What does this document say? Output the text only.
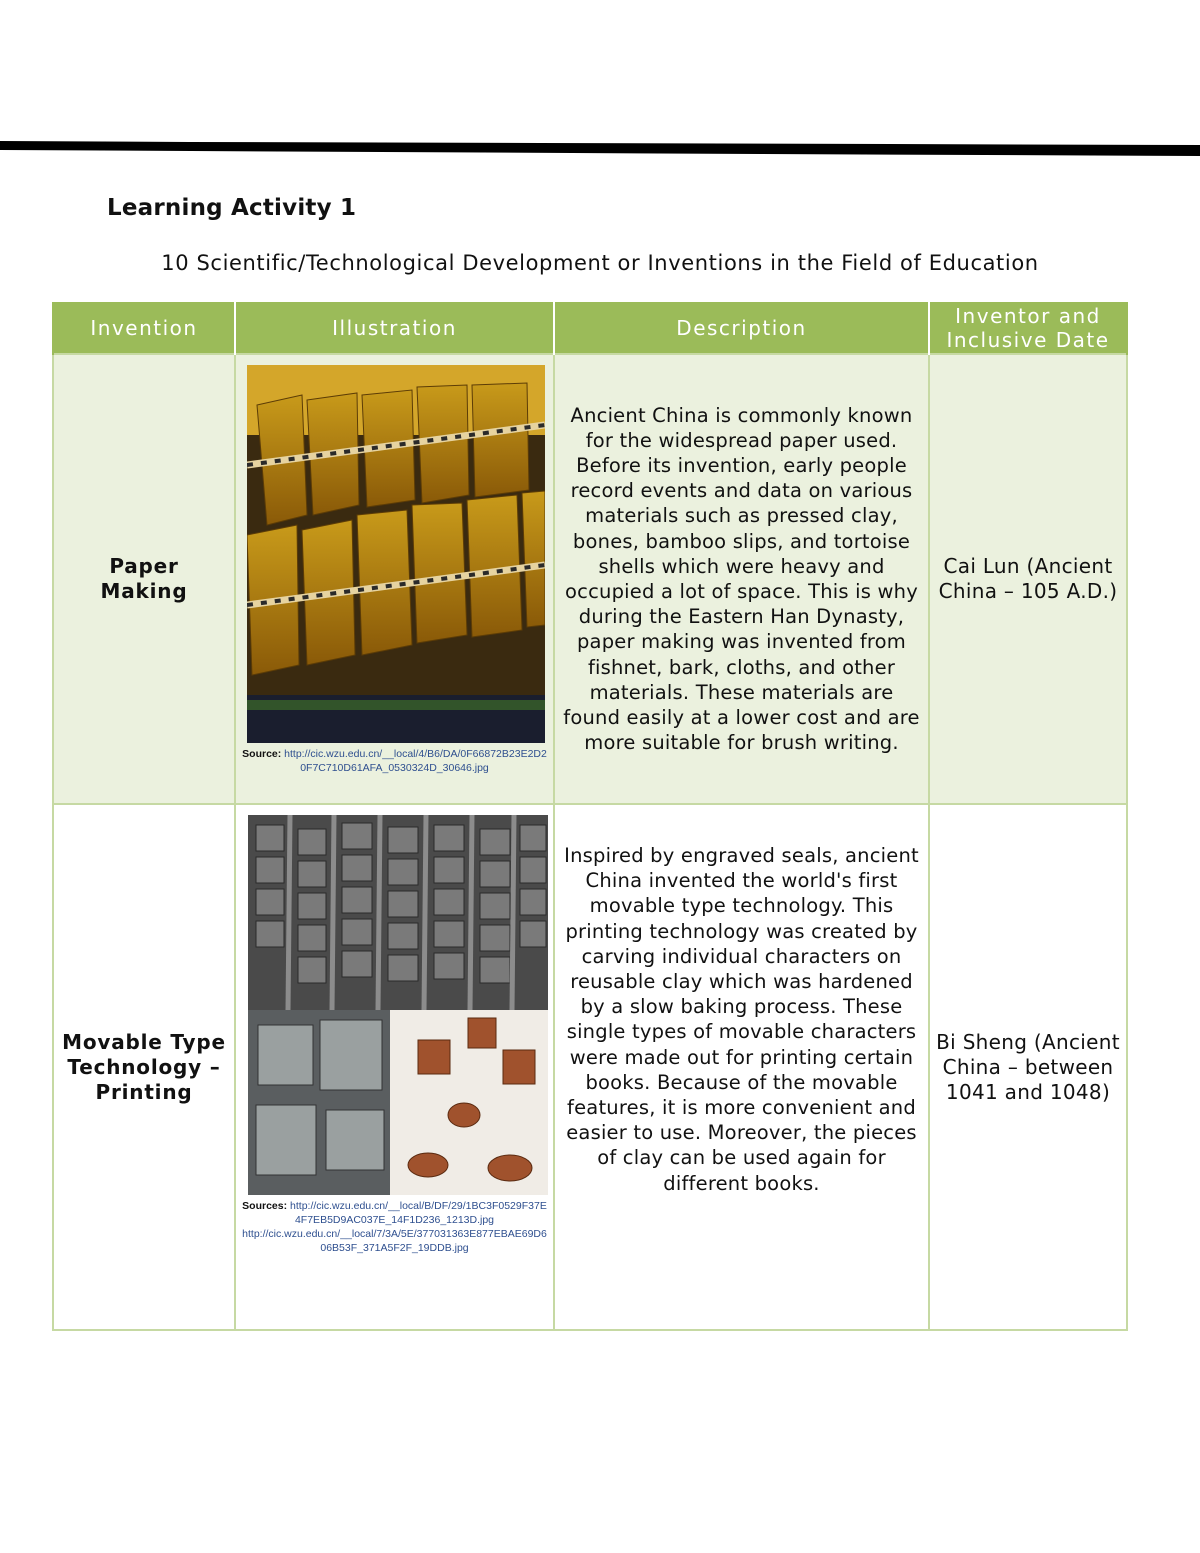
Learning Activity 1
10 Scientific/Technological Development or Inventions in the Field of Education
Invention	Illustration	Description	Inventor and Inclusive Date

Paper Making	Source: http://cic.wzu.edu.cn/__local/4/B6/DA/0F66872B23E2D20F7C710D61AFA_0530324D_30646.jpg	Ancient China is commonly known for the widespread paper used. Before its invention, early people record events and data on various materials such as pressed clay, bones, bamboo slips, and tortoise shells which were heavy and occupied a lot of space. This is why during the Eastern Han Dynasty, paper making was invented from fishnet, bark, cloths, and other materials. These materials are found easily at a lower cost and are more suitable for brush writing.	Cai Lun (Ancient China – 105 A.D.)

Movable Type Technology – Printing	Sources: http://cic.wzu.edu.cn/__local/B/DF/29/1BC3F0529F37E4F7EB5D9AC037E_14F1D236_1213D.jpg
http://cic.wzu.edu.cn/__local/7/3A/5E/377031363E877EBAE69D606B53F_371A5F2F_19DDB.jpg	Inspired by engraved seals, ancient China invented the world's first movable type technology. This printing technology was created by carving individual characters on reusable clay which was hardened by a slow baking process. These single types of movable characters were made out for printing certain books. Because of the movable features, it is more convenient and easier to use. Moreover, the pieces of clay can be used again for different books.	Bi Sheng (Ancient China – between 1041 and 1048)
